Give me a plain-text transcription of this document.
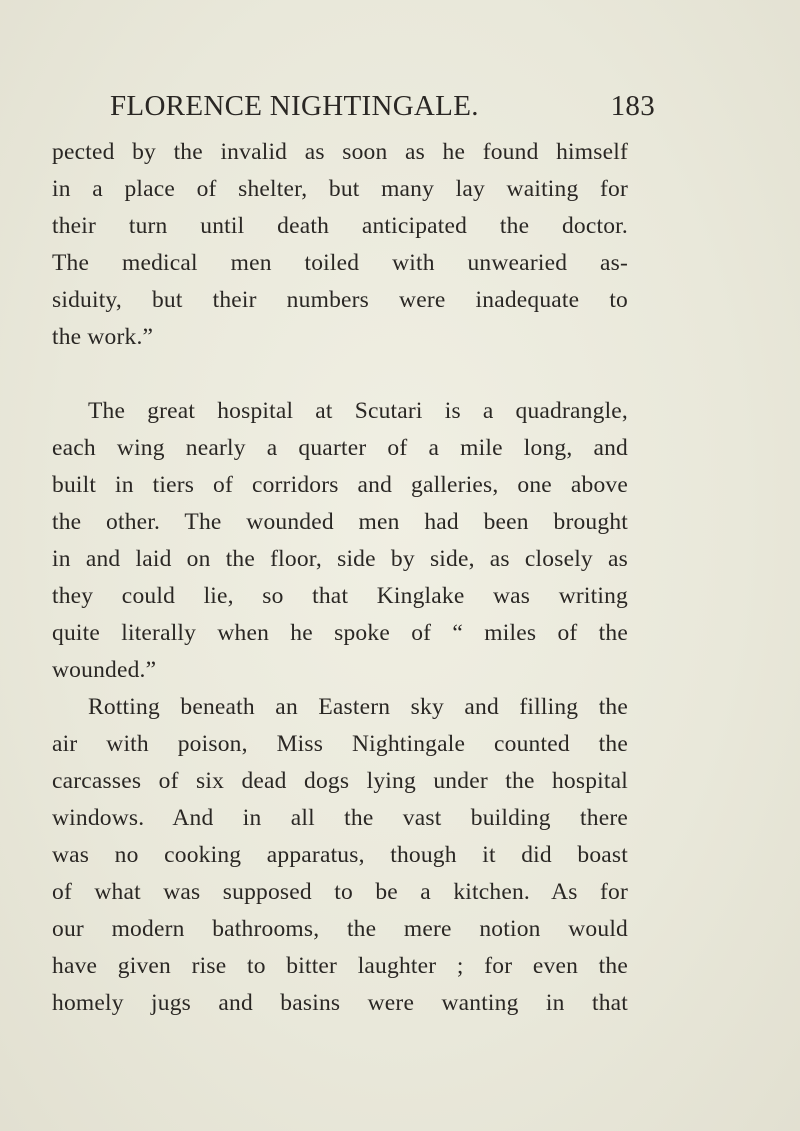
FLORENCE NIGHTINGALE.	183
pected by the invalid as soon as he found himself
in a place of shelter, but many lay waiting for
their turn until death anticipated the doctor.
The medical men toiled with unwearied as-
siduity, but their numbers were inadequate to
the work.”
The great hospital at Scutari is a quadrangle,
each wing nearly a quarter of a mile long, and
built in tiers of corridors and galleries, one above
the other. The wounded men had been brought
in and laid on the floor, side by side, as closely as
they could lie, so that Kinglake was writing
quite literally when he spoke of “ miles of the
wounded.”
Rotting beneath an Eastern sky and filling the
air with poison, Miss Nightingale counted the
carcasses of six dead dogs lying under the hospital
windows. And in all the vast building there
was no cooking apparatus, though it did boast
of what was supposed to be a kitchen. As for
our modern bathrooms, the mere notion would
have given rise to bitter laughter ; for even the
homely jugs and basins were wanting in that
